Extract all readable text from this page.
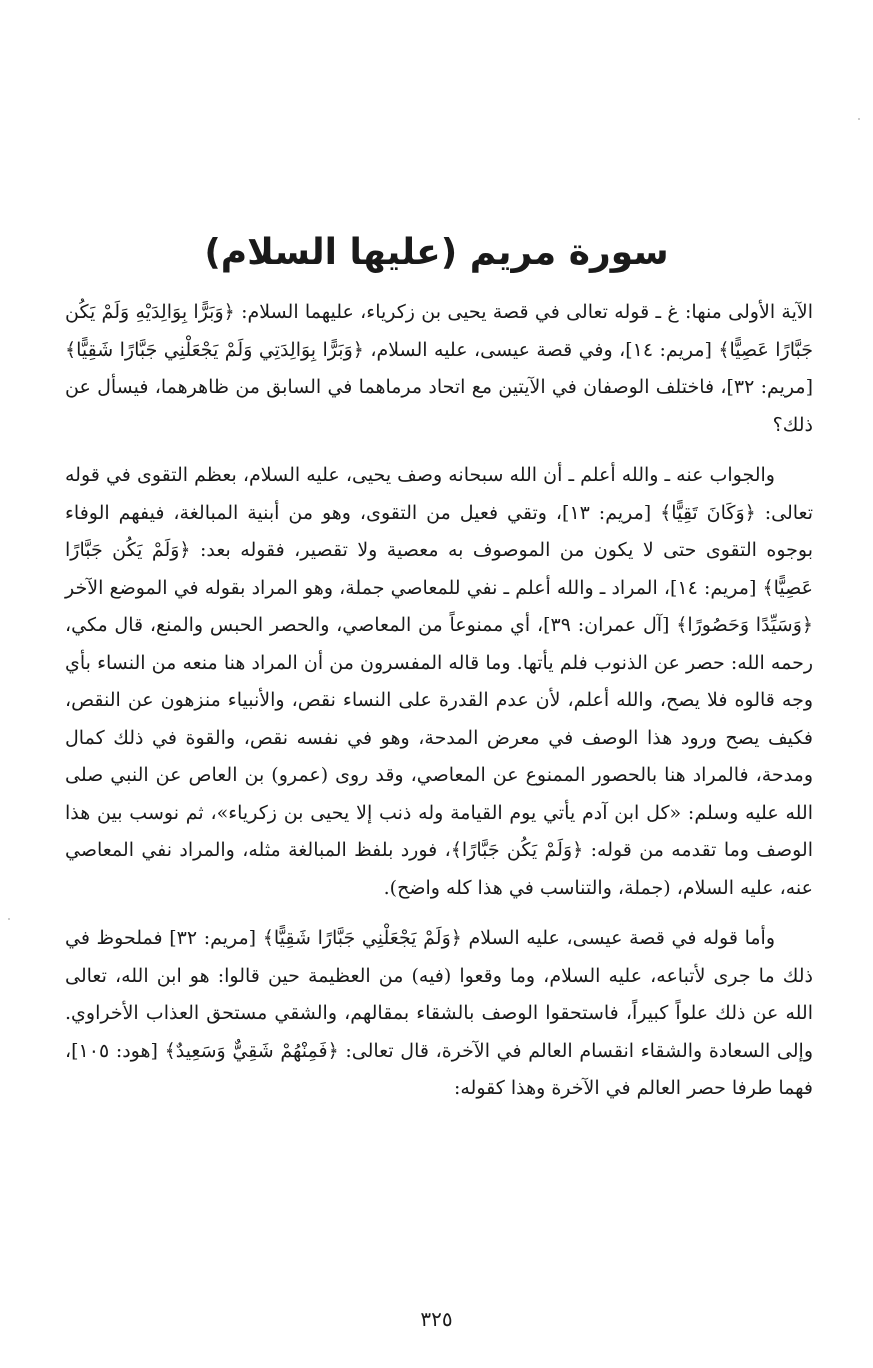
سورة مريم (عليها السلام)

الآية الأولى منها: غ ـ قوله تعالى في قصة يحيى بن زكرياء، عليهما السلام: ﴿وَبَرًّا بِوَالِدَيْهِ وَلَمْ يَكُن جَبَّارًا عَصِيًّا﴾ [مريم: ١٤]، وفي قصة عيسى، عليه السلام، ﴿وَبَرًّا بِوَالِدَتِي وَلَمْ يَجْعَلْنِي جَبَّارًا شَقِيًّا﴾ [مريم: ٣٢]، فاختلف الوصفان في الآيتين مع اتحاد مرماهما في السابق من ظاهرهما، فيسأل عن ذلك؟

والجواب عنه ـ والله أعلم ـ أن الله سبحانه وصف يحيى، عليه السلام، بعظم التقوى في قوله تعالى: ﴿وَكَانَ تَقِيًّا﴾ [مريم: ١٣]، وتقي فعيل من التقوى، وهو من أبنية المبالغة، فيفهم الوفاء بوجوه التقوى حتى لا يكون من الموصوف به معصية ولا تقصير، فقوله بعد: ﴿وَلَمْ يَكُن جَبَّارًا عَصِيًّا﴾ [مريم: ١٤]، المراد ـ والله أعلم ـ نفي للمعاصي جملة، وهو المراد بقوله في الموضع الآخر ﴿وَسَيِّدًا وَحَصُورًا﴾ [آل عمران: ٣٩]، أي ممنوعاً من المعاصي، والحصر الحبس والمنع، قال مكي، رحمه الله: حصر عن الذنوب فلم يأتها. وما قاله المفسرون من أن المراد هنا منعه من النساء بأي وجه قالوه فلا يصح، والله أعلم، لأن عدم القدرة على النساء نقص، والأنبياء منزهون عن النقص، فكيف يصح ورود هذا الوصف في معرض المدحة، وهو في نفسه نقص، والقوة في ذلك كمال ومدحة، فالمراد هنا بالحصور الممنوع عن المعاصي، وقد روى (عمرو) بن العاص عن النبي صلى الله عليه وسلم: «كل ابن آدم يأتي يوم القيامة وله ذنب إلا يحيى بن زكرياء»، ثم نوسب بين هذا الوصف وما تقدمه من قوله: ﴿وَلَمْ يَكُن جَبَّارًا﴾، فورد بلفظ المبالغة مثله، والمراد نفي المعاصي عنه، عليه السلام، (جملة، والتناسب في هذا كله واضح).

وأما قوله في قصة عيسى، عليه السلام ﴿وَلَمْ يَجْعَلْنِي جَبَّارًا شَقِيًّا﴾ [مريم: ٣٢] فملحوظ في ذلك ما جرى لأتباعه، عليه السلام، وما وقعوا (فيه) من العظيمة حين قالوا: هو ابن الله، تعالى الله عن ذلك علواً كبيراً، فاستحقوا الوصف بالشقاء بمقالهم، والشقي مستحق العذاب الأخراوي. وإلى السعادة والشقاء انقسام العالم في الآخرة، قال تعالى: ﴿فَمِنْهُمْ شَقِيٌّ وَسَعِيدٌ﴾ [هود: ١٠٥]، فهما طرفا حصر العالم في الآخرة وهذا كقوله:

٣٢٥
